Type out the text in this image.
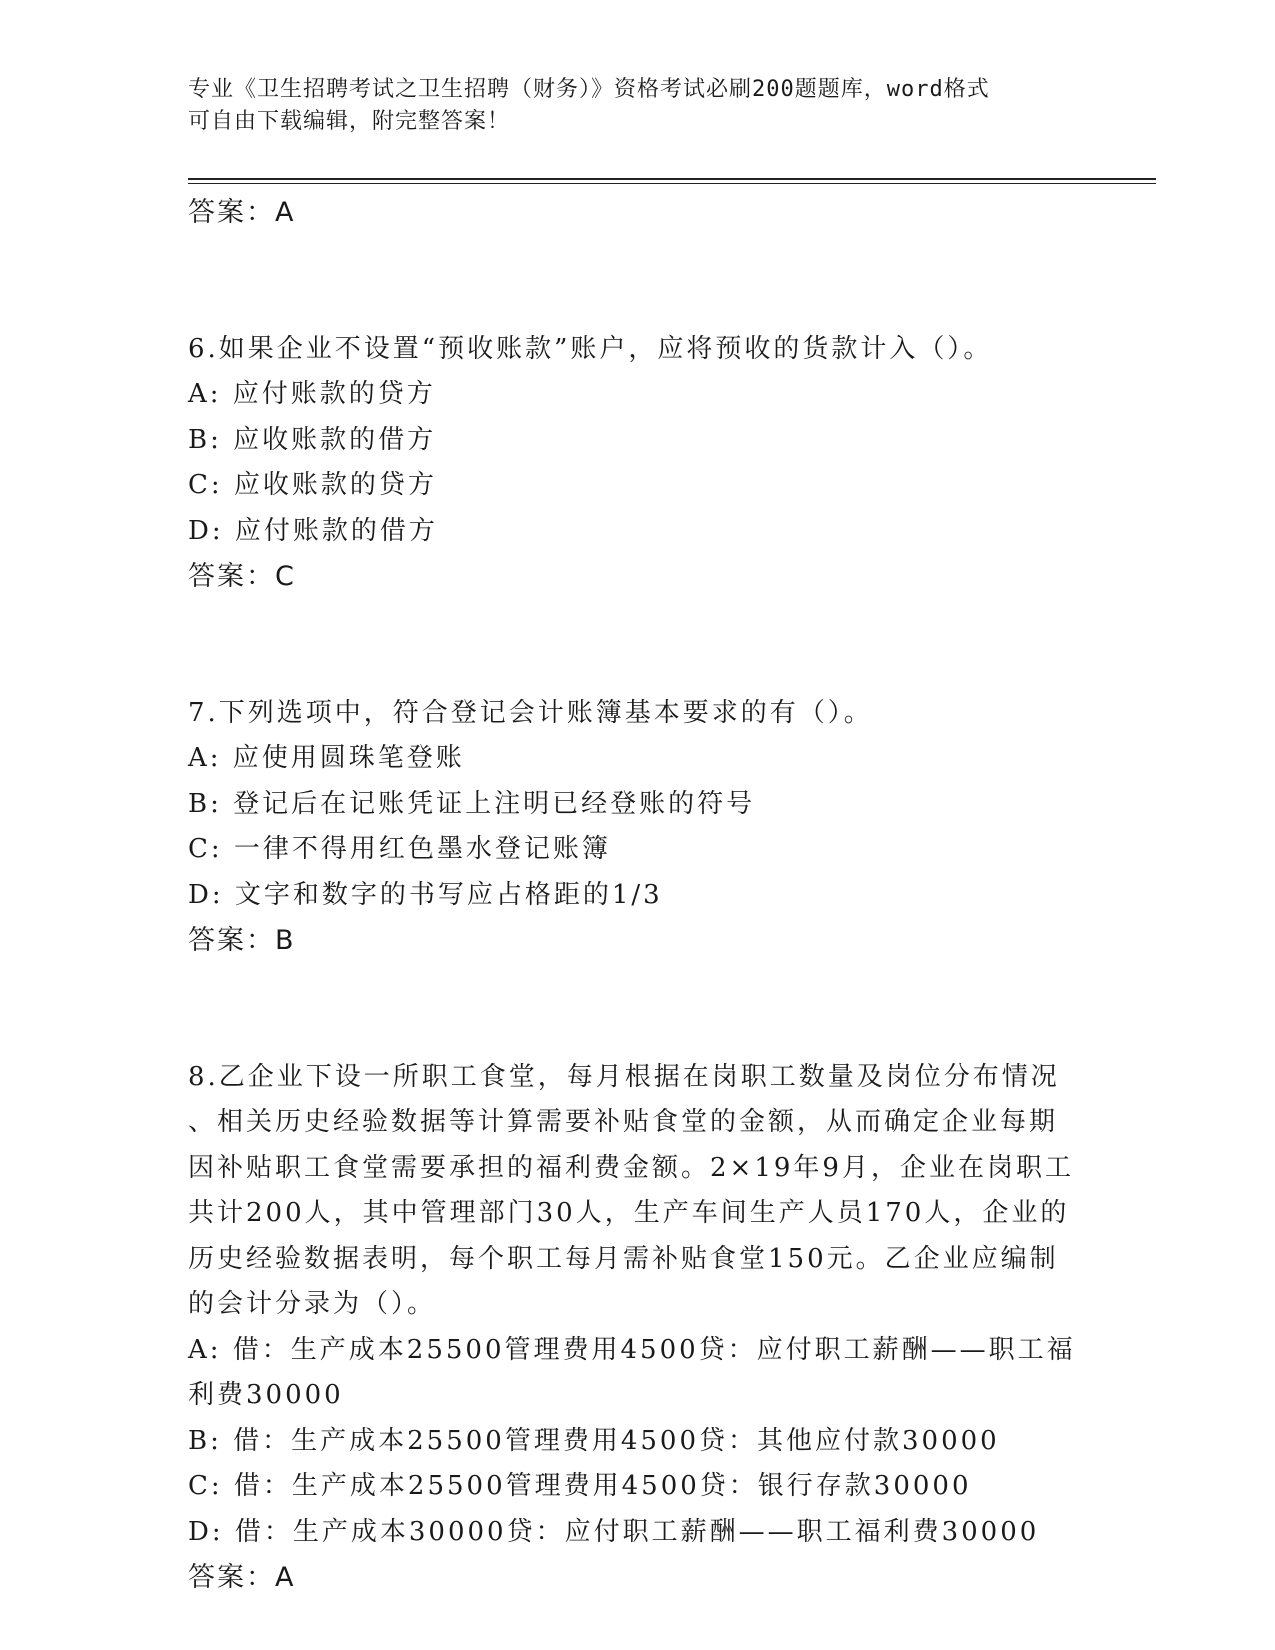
专业《卫生招聘考试之卫生招聘（财务）》资格考试必刷200题题库，word格式
可自由下载编辑，附完整答案！
答案：A
6.如果企业不设置“预收账款”账户，应将预收的货款计入（）。
A: 应付账款的贷方
B: 应收账款的借方
C: 应收账款的贷方
D: 应付账款的借方
答案：C
7.下列选项中，符合登记会计账簿基本要求的有（）。
A: 应使用圆珠笔登账
B: 登记后在记账凭证上注明已经登账的符号
C: 一律不得用红色墨水登记账簿
D: 文字和数字的书写应占格距的1/3
答案：B
8.乙企业下设一所职工食堂，每月根据在岗职工数量及岗位分布情况
、相关历史经验数据等计算需要补贴食堂的金额，从而确定企业每期
因补贴职工食堂需要承担的福利费金额。2×19年9月，企业在岗职工
共计200人，其中管理部门30人，生产车间生产人员170人，企业的
历史经验数据表明，每个职工每月需补贴食堂150元。乙企业应编制
的会计分录为（）。
A: 借：生产成本25500管理费用4500贷：应付职工薪酬——职工福
利费30000
B: 借：生产成本25500管理费用4500贷：其他应付款30000
C: 借：生产成本25500管理费用4500贷：银行存款30000
D: 借：生产成本30000贷：应付职工薪酬——职工福利费30000
答案：A
